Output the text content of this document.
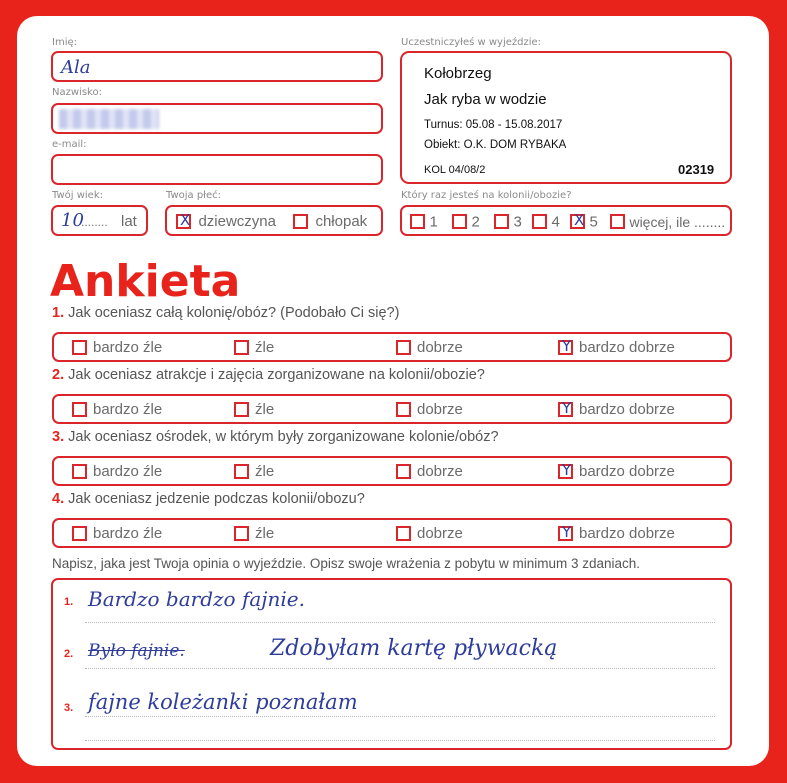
Imię:
Ala
Nazwisko:
e-mail:
Twój wiek:
10
........ lat
Twoja płeć:
X dziewczyna	chłopak
Uczestniczyłeś w wyjeździe:
Kołobrzeg
Jak ryba w wodzie
Turnus: 05.08 - 15.08.2017
Obiekt: O.K. DOM RYBAKA
KOL 04/08/2	02319
Który raz jesteś na kolonii/obozie?
1	2	3	4 X 5	więcej, ile ........
Ankieta
1. Jak oceniasz całą kolonię/obóz? (Podobało Ci się?)
bardzo źle	źle	dobrze	Y bardzo dobrze
2. Jak oceniasz atrakcje i zajęcia zorganizowane na kolonii/obozie?
bardzo źle	źle	dobrze	Y bardzo dobrze
3. Jak oceniasz ośrodek, w którym były zorganizowane kolonie/obóz?
bardzo źle	źle	dobrze	Y bardzo dobrze
4. Jak oceniasz jedzenie podczas kolonii/obozu?
bardzo źle	źle	dobrze	Y bardzo dobrze
Napisz, jaka jest Twoja opinia o wyjeździe. Opisz swoje wrażenia z pobytu w minimum 3 zdaniach.
1. Bardzo bardzo fajnie.
2. Było fajnie.	Zdobyłam kartę pływacką
3. fajne koleżanki poznałam
